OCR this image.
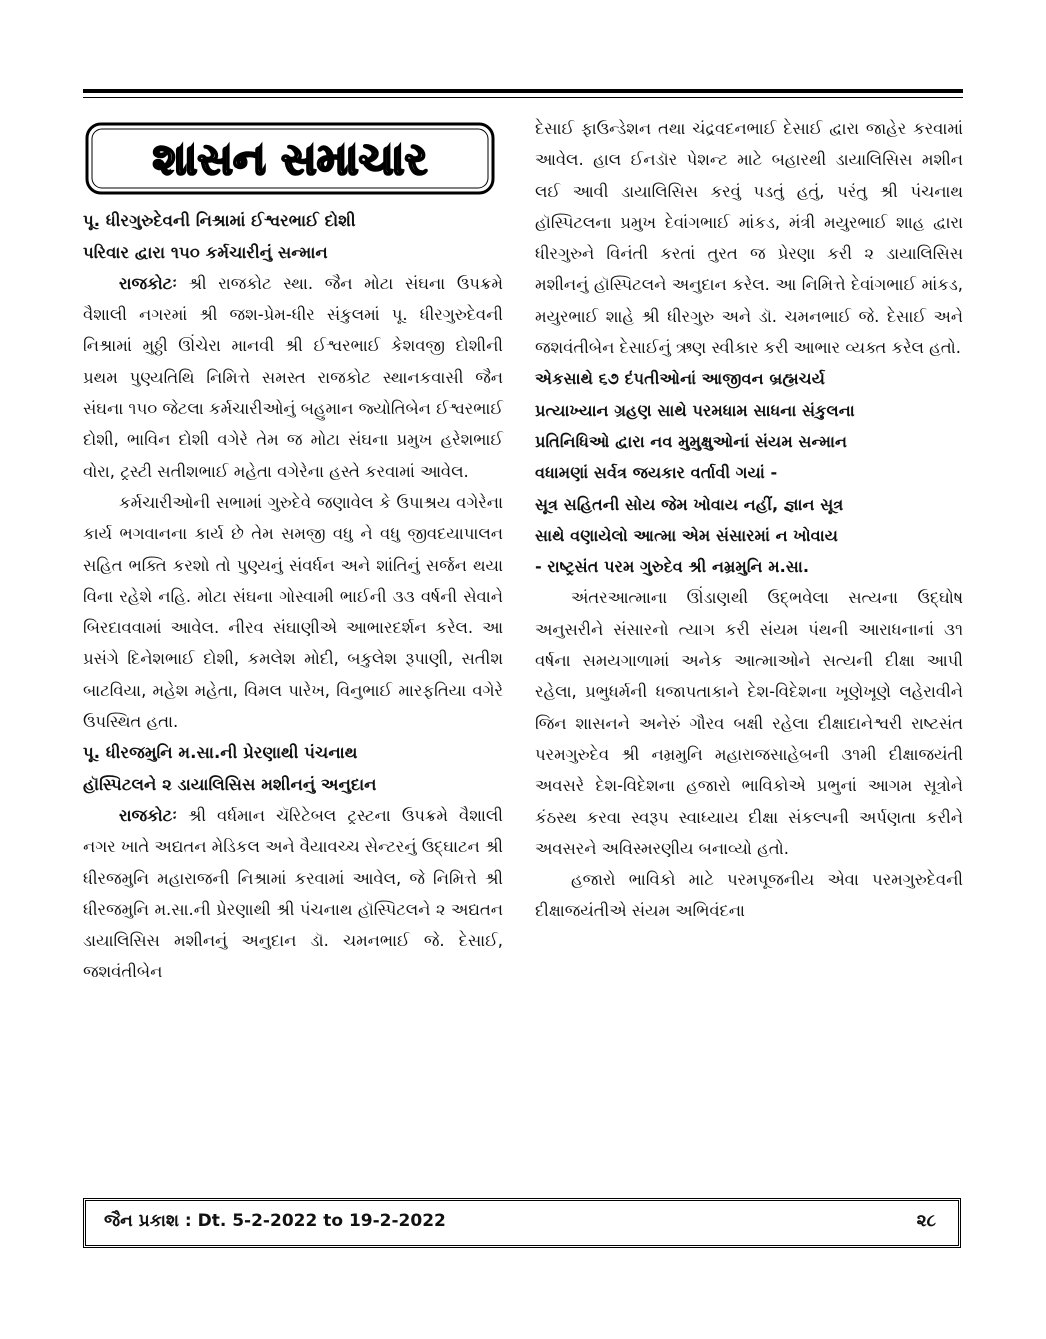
શાસન સમાચાર

પૂ. ધીરગુરુદેવની નિશ્રામાં ઈશ્વરભાઈ દોશી

પરિવાર દ્વારા ૧૫૦ કર્મચારીનું સન્માન

રાજકોટઃ શ્રી રાજકોટ સ્થા. જૈન મોટા સંઘના ઉપક્રમે વૈશાલી નગરમાં શ્રી જશ-પ્રેમ-ધીર સંકુલમાં પૂ. ધીરગુરુદેવની નિશ્રામાં મુઠ્ઠી ઊંચેરા માનવી શ્રી ઈશ્વરભાઈ કેશવજી દોશીની પ્રથમ પુણ્યતિથિ નિમિત્તે સમસ્ત રાજકોટ સ્થાનકવાસી જૈન સંઘના ૧૫૦ જેટલા કર્મચારીઓનું બહુમાન જ્યોતિબેન ઈશ્વરભાઈ દોશી, ભાવિન દોશી વગેરે તેમ જ મોટા સંઘના પ્રમુખ હરેશભાઈ વોરા, ટ્રસ્ટી સતીશભાઈ મહેતા વગેરેના હસ્તે કરવામાં આવેલ.

કર્મચારીઓની સભામાં ગુરુદેવે જણાવેલ કે ઉપાશ્રય વગેરેના કાર્ય ભગવાનના કાર્ય છે તેમ સમજી વધુ ને વધુ જીવદયાપાલન સહિત ભક્તિ કરશો તો પુણ્યનું સંવર્ધન અને શાંતિનું સર્જન થયા વિના રહેશે નહિ. મોટા સંઘના ગોસ્વામી ભાઈની ૩૩ વર્ષની સેવાને બિરદાવવામાં આવેલ. નીરવ સંઘાણીએ આભારદર્શન કરેલ. આ પ્રસંગે દિનેશભાઈ દોશી, કમલેશ મોદી, બકુલેશ રૂપાણી, સતીશ બાટવિયા, મહેશ મહેતા, વિમલ પારેખ, વિનુભાઈ મારફતિયા વગેરે ઉપસ્થિત હતા.

પૂ. ધીરજમુનિ મ.સા.ની પ્રેરણાથી પંચનાથ

હૉસ્પિટલને ૨ ડાયાલિસિસ મશીનનું અનુદાન

રાજકોટઃ શ્રી વર્ધમાન ચૅરિટેબલ ટ્રસ્ટના ઉપક્રમે વૈશાલી નગર ખાતે અદ્યતન મેડિકલ અને વૈયાવચ્ચ સેન્ટરનું ઉદ્‌ઘાટન શ્રી ધીરજમુનિ મહારાજની નિશ્રામાં કરવામાં આવેલ, જે નિમિત્તે શ્રી ધીરજમુનિ મ.સા.ની પ્રેરણાથી શ્રી પંચનાથ હૉસ્પિટલને ૨ અદ્યતન ડાયાલિસિસ મશીનનું અનુદાન ડૉ. ચમનભાઈ જે. દેસાઈ, જશવંતીબેન

દેસાઈ ફાઉન્ડેશન તથા ચંદ્રવદનભાઈ દેસાઈ દ્વારા જાહેર કરવામાં આવેલ. હાલ ઈનડૉર પેશન્ટ માટે બહારથી ડાયાલિસિસ મશીન લઈ આવી ડાયાલિસિસ કરવું પડતું હતું, પરંતુ શ્રી પંચનાથ હૉસ્પિટલના પ્રમુખ દેવાંગભાઈ માંકડ, મંત્રી મયુરભાઈ શાહ દ્વારા ધીરગુરુને વિનંતી કરતાં તુરત જ પ્રેરણા કરી ૨ ડાયાલિસિસ મશીનનું હૉસ્પિટલને અનુદાન કરેલ. આ નિમિત્તે દેવાંગભાઈ માંકડ, મયુરભાઈ શાહે શ્રી ધીરગુરુ અને ડૉ. ચમનભાઈ જે. દેસાઈ અને જશવંતીબેન દેસાઈનું ઋણ સ્વીકાર કરી આભાર વ્યક્ત કરેલ હતો.

એકસાથે ૬૭ દંપતીઓનાં આજીવન બ્રહ્મચર્ય

પ્રત્યાખ્યાન ગ્રહણ સાથે પરમધામ સાધના સંકુલના

પ્રતિનિધિઓ દ્વારા નવ મુમુક્ષુઓનાં સંયમ સન્માન

વધામણાં સર્વત્ર જયકાર વર્તાવી ગયાં -

સૂત્ર સહિતની સોય જેમ ખોવાય નહીં, જ્ઞાન સૂત્ર

સાથે વણાયેલો આત્મા એમ સંસારમાં ન ખોવાય

- રાષ્ટ્રસંત પરમ ગુરુદેવ શ્રી નમ્રમુનિ મ.સા.

અંતરઆત્માના ઊંડાણથી ઉદ્‌ભવેલા સત્યના ઉદ્‌ઘોષ અનુસરીને સંસારનો ત્યાગ કરી સંયમ પંથની આરાધનાનાં ૩૧ વર્ષના સમયગાળામાં અનેક આત્માઓને સત્યની દીક્ષા આપી રહેલા, પ્રભુધર્મની ધજાપતાકાને દેશ-વિદેશના ખૂણેખૂણે લહેરાવીને જિન શાસનને અનેરું ગૌરવ બક્ષી રહેલા દીક્ષાદાનેશ્વરી રાષ્ટસંત પરમગુરુદેવ શ્રી નમ્રમુનિ મહારાજસાહેબની ૩૧મી દીક્ષાજયંતી અવસરે દેશ-વિદેશના હજારો ભાવિકોએ પ્રભુનાં આગમ સૂત્રોને કંઠસ્થ કરવા સ્વરૂપ સ્વાધ્યાય દીક્ષા સંકલ્પની અર્પણતા કરીને અવસરને અવિસ્મરણીય બનાવ્યો હતો.

હજારો ભાવિકો માટે પરમપૂજનીય એવા પરમગુરુદેવની દીક્ષાજયંતીએ સંયમ અભિવંદના

જૈન પ્રકાશ : Dt. 5-2-2022 to 19-2-2022	૨૮
